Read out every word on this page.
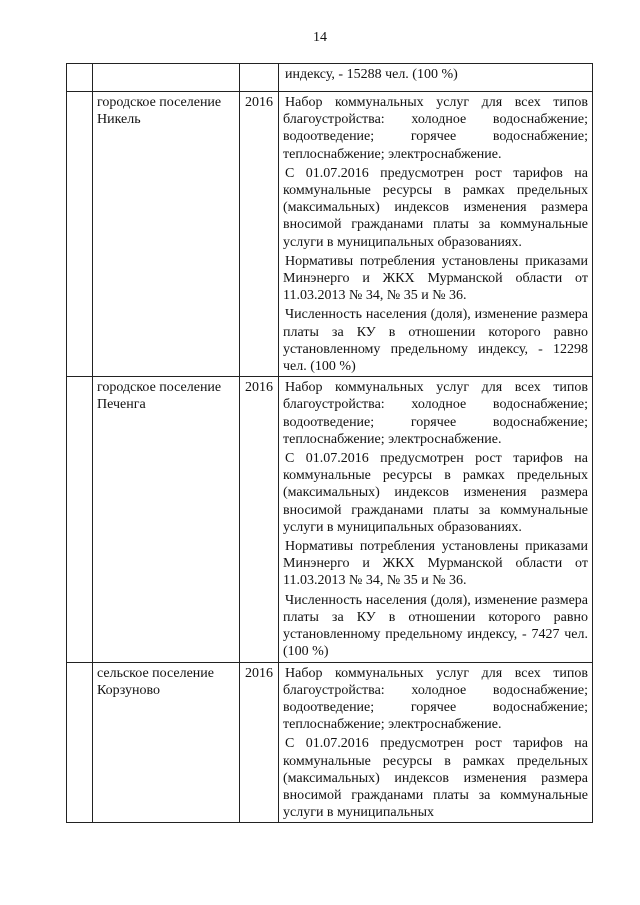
14

			индексу, - 15288 чел. (100 %)

	городское поселение Никель	2016	Набор коммунальных услуг для всех типов благоустройства: холодное водоснабжение; водоотведение; горячее водоснабжение; теплоснабжение; электроснабжение.

С 01.07.2016 предусмотрен рост тарифов на коммунальные ресурсы в рамках предельных (максимальных) индексов изменения размера вносимой гражданами платы за коммунальные услуги в муниципальных образованиях.

Нормативы потребления установлены приказами Минэнерго и ЖКХ Мурманской области от 11.03.2013 № 34, № 35 и № 36.

Численность населения (доля), изменение размера платы за КУ в отношении которого равно установленному предельному индексу, - 12298 чел. (100 %)

	городское поселение Печенга	2016	Набор коммунальных услуг для всех типов благоустройства: холодное водоснабжение; водоотведение; горячее водоснабжение; теплоснабжение; электроснабжение.

С 01.07.2016 предусмотрен рост тарифов на коммунальные ресурсы в рамках предельных (максимальных) индексов изменения размера вносимой гражданами платы за коммунальные услуги в муниципальных образованиях.

Нормативы потребления установлены приказами Минэнерго и ЖКХ Мурманской области от 11.03.2013 № 34, № 35 и № 36.

Численность населения (доля), изменение размера платы за КУ в отношении которого равно установленному предельному индексу, - 7427 чел. (100 %)

	сельское поселение Корзуново	2016	Набор коммунальных услуг для всех типов благоустройства: холодное водоснабжение; водоотведение; горячее водоснабжение; теплоснабжение; электроснабжение.

С 01.07.2016 предусмотрен рост тарифов на коммунальные ресурсы в рамках предельных (максимальных) индексов изменения размера вносимой гражданами платы за коммунальные услуги в муниципальных
